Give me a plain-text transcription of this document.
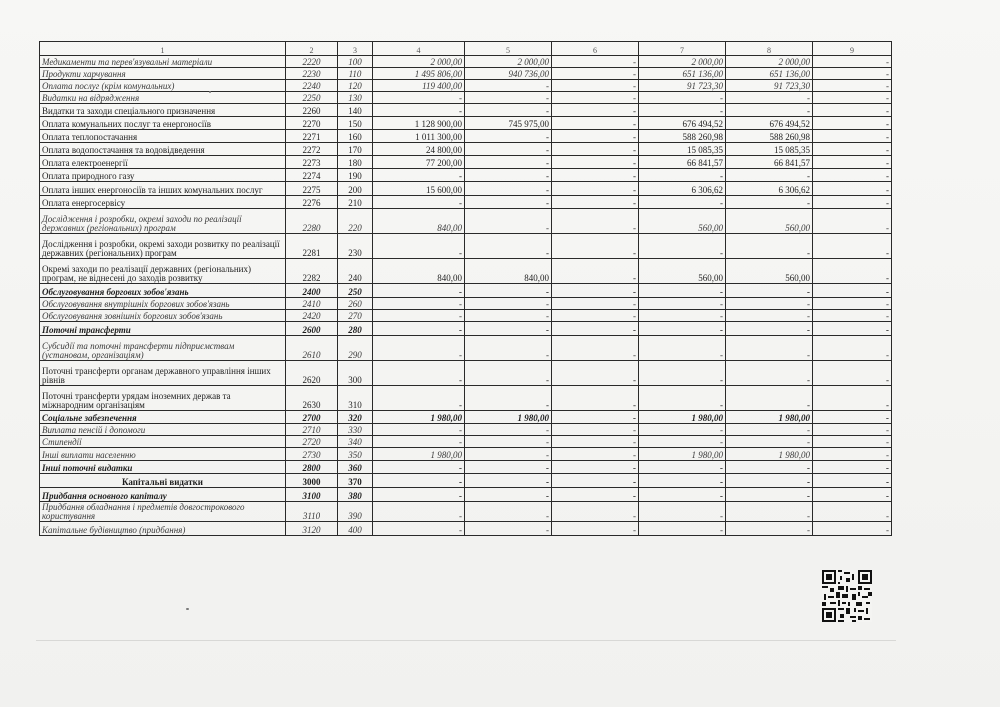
1	2	3	4	5	6	7	8	9
Медикаменти та перев'язувальні матеріали	2220	100	2 000,00	2 000,00	-	2 000,00	2 000,00	-
Продукти харчування	2230	110	1 495 806,00	940 736,00	-	651 136,00	651 136,00	-
Оплата послуг (крім комунальних)	2240	120	119 400,00	-	-	91 723,30	91 723,30	-
Видатки на відрядження	2250	130	-	-	-	-	-	-
Видатки та заходи спеціального призначення	2260	140	-	-	-	-	-	-
Оплата комунальних послуг та енергоносіїв	2270	150	1 128 900,00	745 975,00	-	676 494,52	676 494,52	-
Оплата теплопостачання	2271	160	1 011 300,00	-	-	588 260,98	588 260,98	-
Оплата водопостачання та водовідведення	2272	170	24 800,00	-	-	15 085,35	15 085,35	-
Оплата електроенергії	2273	180	77 200,00	-	-	66 841,57	66 841,57	-
Оплата природного газу	2274	190	-	-	-	-	-	-
Оплата інших енергоносіїв та інших комунальних послуг	2275	200	15 600,00	-	-	6 306,62	6 306,62	-
Оплата енергосервісу	2276	210	-	-	-	-	-	-
Дослідження і розробки, окремі заходи по реалізації державних (регіональних) програм	2280	220	840,00	-	-	560,00	560,00	-
Дослідження і розробки, окремі заходи розвитку по реалізації державних (регіональних) програм	2281	230	-	-	-	-	-	-
Окремі заходи по реалізації державних (регіональних) програм, не віднесені до заходів розвитку	2282	240	840,00	840,00	-	560,00	560,00	-
Обслуговування боргових зобов'язань	2400	250	-	-	-	-	-	-
Обслуговування внутрішніх боргових зобов'язань	2410	260	-	-	-	-	-	-
Обслуговування зовнішніх боргових зобов'язань	2420	270	-	-	-	-	-	-
Поточні трансферти	2600	280	-	-	-	-	-	-
Субсидії та поточні трансферти підприємствам (установам, організаціям)	2610	290	-	-	-	-	-	-
Поточні трансферти органам державного управління інших рівнів	2620	300	-	-	-	-	-	-
Поточні трансферти урядам іноземних держав та міжнародним організаціям	2630	310	-	-	-	-	-	-
Соціальне забезпечення	2700	320	1 980,00	1 980,00	-	1 980,00	1 980,00	-
Виплата пенсій і допомоги	2710	330	-	-	-	-	-	-
Стипендії	2720	340	-	-	-	-	-	-
Інші виплати населенню	2730	350	1 980,00	-	-	1 980,00	1 980,00	-
Інші поточні видатки	2800	360	-	-	-	-	-	-
Капітальні видатки	3000	370	-	-	-	-	-	-
Придбання основного капіталу	3100	380	-	-	-	-	-	-
Придбання обладнання і предметів довгострокового користування	3110	390	-	-	-	-	-	-
Капітальне будівництво (придбання)	3120	400	-	-	-	-	-	-
